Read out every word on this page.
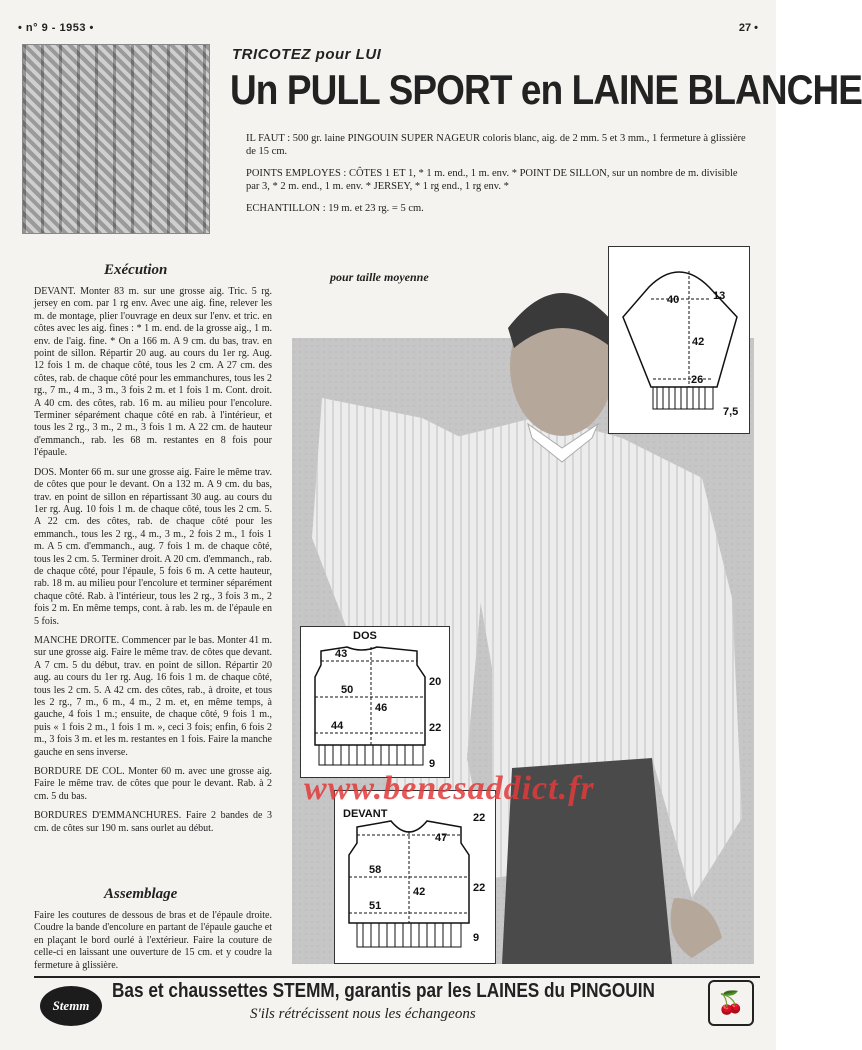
• n° 9 - 1953 •	27 •
TRICOTEZ pour LUI
Un PULL SPORT en LAINE BLANCHE

IL FAUT : 500 gr. laine PINGOUIN SUPER NAGEUR coloris blanc, aig. de 2 mm. 5 et 3 mm., 1 fermeture à glissière de 15 cm.

POINTS EMPLOYES : CÔTES 1 ET 1, * 1 m. end., 1 m. env. * POINT DE SILLON, sur un nombre de m. divisible par 3, * 2 m. end., 1 m. env. * JERSEY, * 1 rg end., 1 rg env. *

ECHANTILLON : 19 m. et 23 rg. = 5 cm.

Exécution

DEVANT. Monter 83 m. sur une grosse aig. Tric. 5 rg. jersey en com. par 1 rg env. Avec une aig. fine, relever les m. de montage, plier l'ouvrage en deux sur l'env. et tric. en côtes avec les aig. fines : * 1 m. end. de la grosse aig., 1 m. env. de l'aig. fine. * On a 166 m. A 9 cm. du bas, trav. en point de sillon. Répartir 20 aug. au cours du 1er rg. Aug. 12 fois 1 m. de chaque côté, tous les 2 cm. A 27 cm. des côtes, rab. de chaque côté pour les emmanchures, tous les 2 rg., 7 m., 4 m., 3 m., 3 fois 2 m. et 1 fois 1 m. Cont. droit. A 40 cm. des côtes, rab. 16 m. au milieu pour l'encolure. Terminer séparément chaque côté en rab. à l'intérieur, et tous les 2 rg., 3 m., 2 m., 3 fois 1 m. A 22 cm. de hauteur d'emmanch., rab. les 68 m. restantes en 8 fois pour l'épaule.

DOS. Monter 66 m. sur une grosse aig. Faire le même trav. de côtes que pour le devant. On a 132 m. A 9 cm. du bas, trav. en point de sillon en répartissant 30 aug. au cours du 1er rg. Aug. 10 fois 1 m. de chaque côté, tous les 2 cm. 5. A 22 cm. des côtes, rab. de chaque côté pour les emmanch., tous les 2 rg., 4 m., 3 m., 2 fois 2 m., 1 fois 1 m. A 5 cm. d'emmanch., aug. 7 fois 1 m. de chaque côté, tous les 2 cm. 5. Terminer droit. A 20 cm. d'emmanch., rab. de chaque côté, pour l'épaule, 5 fois 6 m. A cette hauteur, rab. 18 m. au milieu pour l'encolure et terminer séparément chaque côté. Rab. à l'intérieur, tous les 2 rg., 3 fois 3 m., 2 fois 2 m. En même temps, cont. à rab. les m. de l'épaule en 5 fois.

MANCHE DROITE. Commencer par le bas. Monter 41 m. sur une grosse aig. Faire le même trav. de côtes que devant. A 7 cm. 5 du début, trav. en point de sillon. Répartir 20 aug. au cours du 1er rg. Aug. 16 fois 1 m. de chaque côté, tous les 2 cm. 5. A 42 cm. des côtes, rab., à droite, et tous les 2 rg., 7 m., 6 m., 4 m., 2 m. et, en même temps, à gauche, 4 fois 1 m.; ensuite, de chaque côté, 9 fois 1 m., puis « 1 fois 2 m., 1 fois 1 m. », ceci 3 fois; enfin, 6 fois 2 m., 3 fois 3 m. et les m. restantes en 1 fois. Faire la manche gauche en sens inverse.

BORDURE DE COL. Monter 60 m. avec une grosse aig. Faire le même trav. de côtes que pour le devant. Rab. à 2 cm. 5 du bas.

BORDURES D'EMMANCHURES. Faire 2 bandes de 3 cm. de côtes sur 190 m. sans ourlet au début.

Assemblage
Faire les coutures de dessous de bras et de l'épaule droite. Coudre la bande d'encolure en partant de l'épaule gauche et en plaçant le bord ourlé à l'extérieur. Faire la couture de celle-ci en laissant une ouverture de 15 cm. et y coudre la fermeture à glissière.
pour taille moyenne
40	13
42
26
7,5
DOS
43
50
44
46
20
22
9
DEVANT
47
58
51
42
22
22
9
www.benesaddict.fr
Stemm
Bas et chaussettes STEMM, garantis par les LAINES du PINGOUIN
S'ils rétrécissent nous les échangeons	🍒
